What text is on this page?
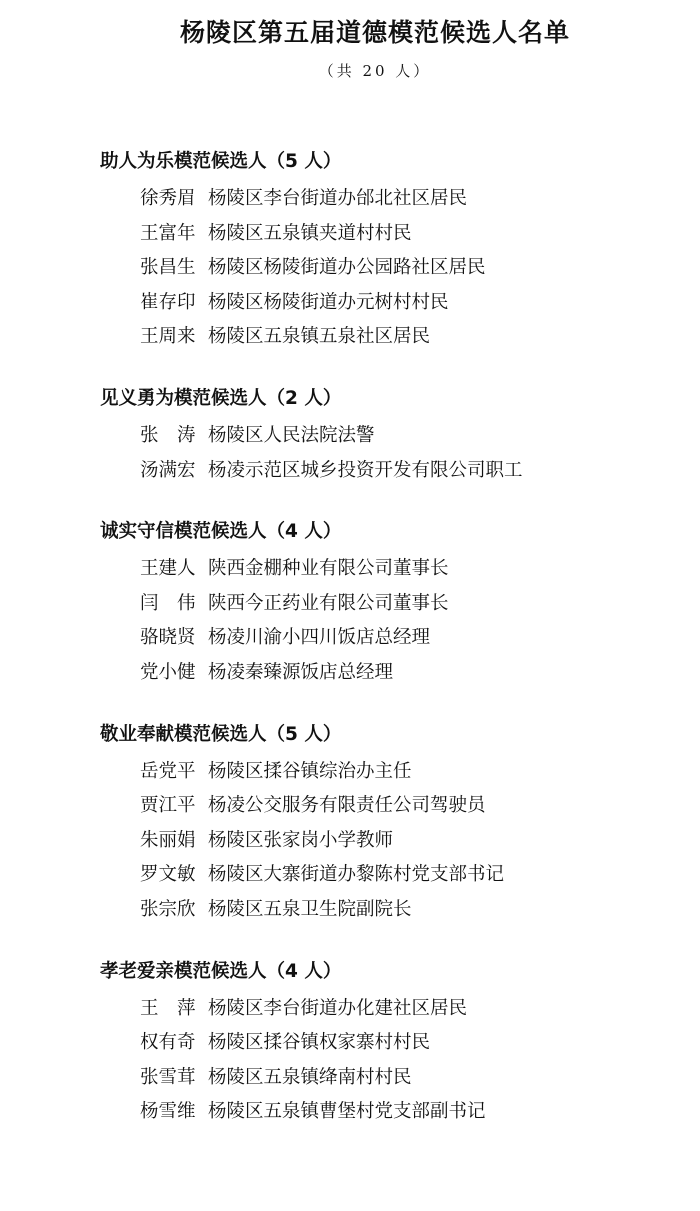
杨陵区第五届道德模范候选人名单
（共 20 人）
助人为乐模范候选人（5 人）
徐秀眉 杨陵区李台街道办邰北社区居民
王富年 杨陵区五泉镇夹道村村民
张昌生 杨陵区杨陵街道办公园路社区居民
崔存印 杨陵区杨陵街道办元树村村民
王周来 杨陵区五泉镇五泉社区居民
见义勇为模范候选人（2 人）
张　涛 杨陵区人民法院法警
汤满宏 杨凌示范区城乡投资开发有限公司职工
诚实守信模范候选人（4 人）
王建人 陕西金棚种业有限公司董事长
闫　伟 陕西今正药业有限公司董事长
骆晓贤 杨凌川渝小四川饭店总经理
党小健 杨凌秦臻源饭店总经理
敬业奉献模范候选人（5 人）
岳党平 杨陵区揉谷镇综治办主任
贾江平 杨凌公交服务有限责任公司驾驶员
朱丽娟 杨陵区张家岗小学教师
罗文敏 杨陵区大寨街道办黎陈村党支部书记
张宗欣 杨陵区五泉卫生院副院长
孝老爱亲模范候选人（4 人）
王　萍 杨陵区李台街道办化建社区居民
权有奇 杨陵区揉谷镇权家寨村村民
张雪茸 杨陵区五泉镇绛南村村民
杨雪维 杨陵区五泉镇曹堡村党支部副书记
